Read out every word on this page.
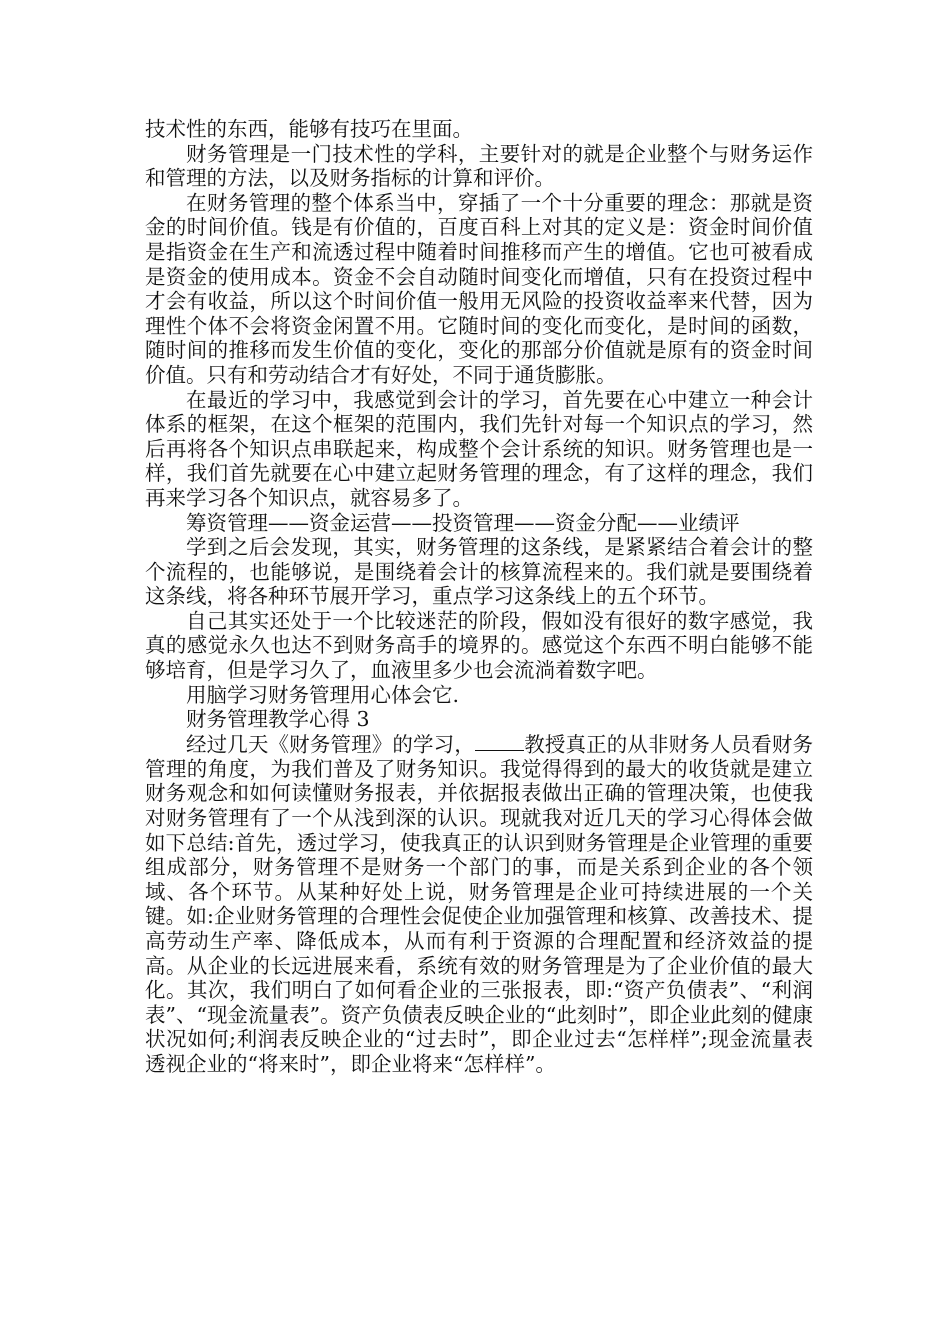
技术性的东西，能够有技巧在里面。

财务管理是一门技术性的学科，主要针对的就是企业整个与财务运作和管理的方法，以及财务指标的计算和评价。

在财务管理的整个体系当中，穿插了一个十分重要的理念：那就是资金的时间价值。钱是有价值的，百度百科上对其的定义是：资金时间价值是指资金在生产和流透过程中随着时间推移而产生的增值。它也可被看成是资金的使用成本。资金不会自动随时间变化而增值，只有在投资过程中才会有收益，所以这个时间价值一般用无风险的投资收益率来代替，因为理性个体不会将资金闲置不用。它随时间的变化而变化，是时间的函数，随时间的推移而发生价值的变化，变化的那部分价值就是原有的资金时间价值。只有和劳动结合才有好处，不同于通货膨胀。

在最近的学习中，我感觉到会计的学习，首先要在心中建立一种会计体系的框架，在这个框架的范围内，我们先针对每一个知识点的学习，然后再将各个知识点串联起来，构成整个会计系统的知识。财务管理也是一样，我们首先就要在心中建立起财务管理的理念，有了这样的理念，我们再来学习各个知识点，就容易多了。

筹资管理——资金运营——投资管理——资金分配——业绩评

学到之后会发现，其实，财务管理的这条线，是紧紧结合着会计的整个流程的，也能够说，是围绕着会计的核算流程来的。我们就是要围绕着这条线，将各种环节展开学习，重点学习这条线上的五个环节。

自己其实还处于一个比较迷茫的阶段，假如没有很好的数字感觉，我真的感觉永久也达不到财务高手的境界的。感觉这个东西不明白能够不能够培育，但是学习久了，血液里多少也会流淌着数字吧。

用脑学习财务管理用心体会它.

财务管理教学心得 3

经过几天《财务管理》的学习， 教授真正的从非财务人员看财务管理的角度，为我们普及了财务知识。我觉得得到的最大的收货就是建立财务观念和如何读懂财务报表，并依据报表做出正确的管理决策，也使我对财务管理有了一个从浅到深的认识。现就我对近几天的学习心得体会做如下总结:首先，透过学习，使我真正的认识到财务管理是企业管理的重要组成部分，财务管理不是财务一个部门的事，而是关系到企业的各个领域、各个环节。从某种好处上说，财务管理是企业可持续进展的一个关键。如:企业财务管理的合理性会促使企业加强管理和核算、改善技术、提高劳动生产率、降低成本，从而有利于资源的合理配置和经济效益的提高。从企业的长远进展来看，系统有效的财务管理是为了企业价值的最大化。其次，我们明白了如何看企业的三张报表，即:“资产负债表”、“利润表”、“现金流量表”。资产负债表反映企业的“此刻时”，即企业此刻的健康状况如何;利润表反映企业的“过去时”，即企业过去“怎样样”;现金流量表透视企业的“将来时”，即企业将来“怎样样”。
